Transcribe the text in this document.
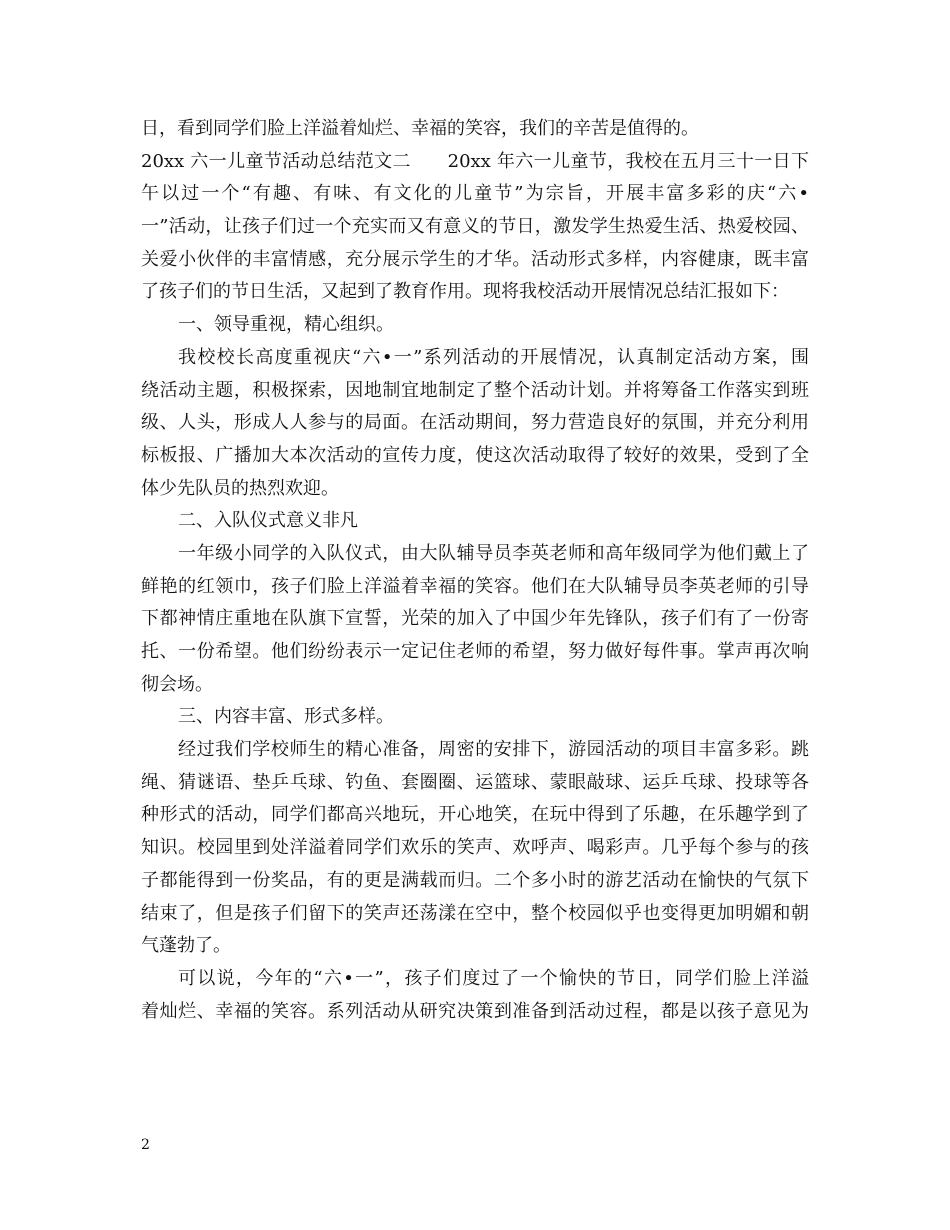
日，看到同学们脸上洋溢着灿烂、幸福的笑容，我们的辛苦是值得的。
20xx 六一儿童节活动总结范文二　　20xx 年六一儿童节，我校在五月三十一日下
午以过一个“有趣、有味、有文化的儿童节”为宗旨，开展丰富多彩的庆“六•
一”活动，让孩子们过一个充实而又有意义的节日，激发学生热爱生活、热爱校园、
关爱小伙伴的丰富情感，充分展示学生的才华。活动形式多样，内容健康，既丰富
了孩子们的节日生活，又起到了教育作用。现将我校活动开展情况总结汇报如下：
一、领导重视，精心组织。
我校校长高度重视庆“六•一”系列活动的开展情况，认真制定活动方案，围
绕活动主题，积极探索，因地制宜地制定了整个活动计划。并将筹备工作落实到班
级、人头，形成人人参与的局面。在活动期间，努力营造良好的氛围，并充分利用
标板报、广播加大本次活动的宣传力度，使这次活动取得了较好的效果，受到了全
体少先队员的热烈欢迎。
二、入队仪式意义非凡
一年级小同学的入队仪式，由大队辅导员李英老师和高年级同学为他们戴上了
鲜艳的红领巾，孩子们脸上洋溢着幸福的笑容。他们在大队辅导员李英老师的引导
下都神情庄重地在队旗下宣誓，光荣的加入了中国少年先锋队，孩子们有了一份寄
托、一份希望。他们纷纷表示一定记住老师的希望，努力做好每件事。掌声再次响
彻会场。
三、内容丰富、形式多样。
经过我们学校师生的精心准备，周密的安排下，游园活动的项目丰富多彩。跳
绳、猜谜语、垫乒乓球、钓鱼、套圈圈、运篮球、蒙眼敲球、运乒乓球、投球等各
种形式的活动，同学们都高兴地玩，开心地笑，在玩中得到了乐趣，在乐趣学到了
知识。校园里到处洋溢着同学们欢乐的笑声、欢呼声、喝彩声。几乎每个参与的孩
子都能得到一份奖品，有的更是满载而归。二个多小时的游艺活动在愉快的气氛下
结束了，但是孩子们留下的笑声还荡漾在空中，整个校园似乎也变得更加明媚和朝
气蓬勃了。
可以说，今年的“六•一”，孩子们度过了一个愉快的节日，同学们脸上洋溢
着灿烂、幸福的笑容。系列活动从研究决策到准备到活动过程，都是以孩子意见为
2
